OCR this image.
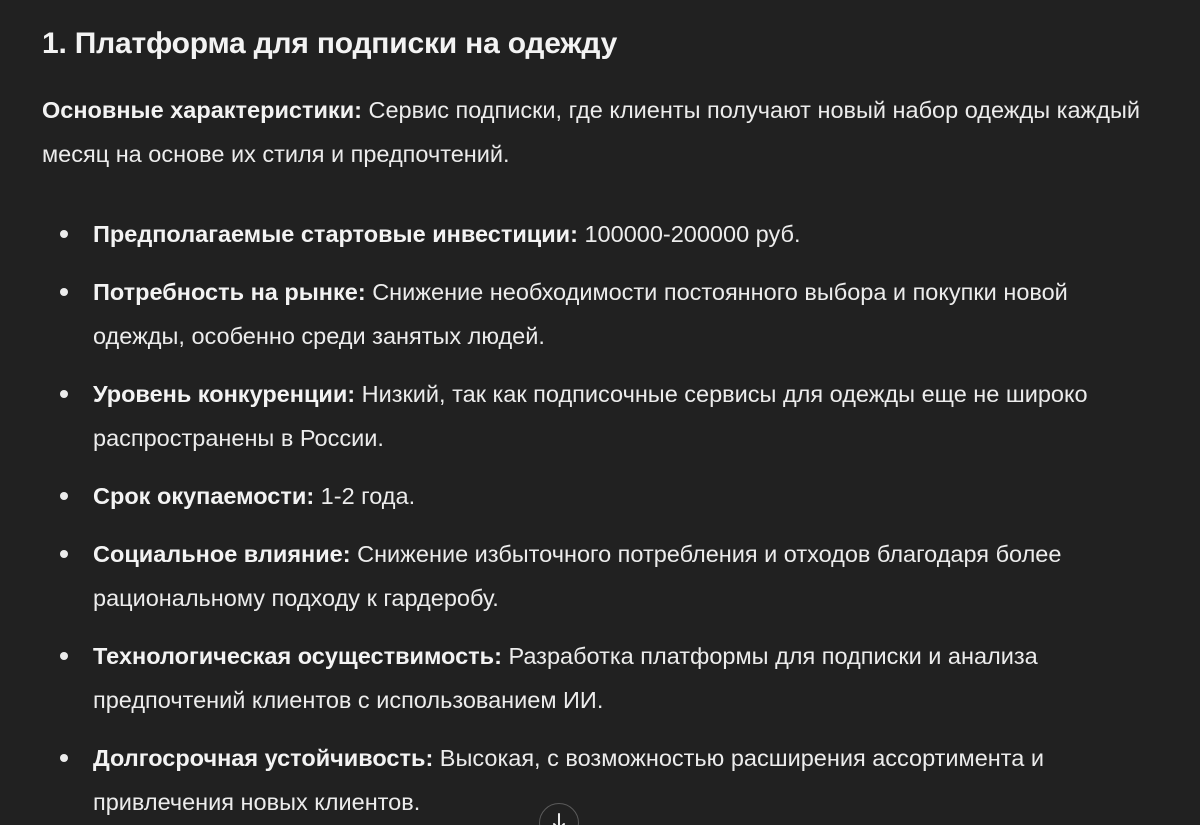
1. Платформа для подписки на одежду

Основные характеристики: Сервис подписки, где клиенты получают новый набор одежды каждый месяц на основе их стиля и предпочтений.

Предполагаемые стартовые инвестиции: 100000-200000 руб.
Потребность на рынке: Снижение необходимости постоянного выбора и покупки новой одежды, особенно среди занятых людей.
Уровень конкуренции: Низкий, так как подписочные сервисы для одежды еще не широко распространены в России.
Срок окупаемости: 1-2 года.
Социальное влияние: Снижение избыточного потребления и отходов благодаря более рациональному подходу к гардеробу.
Технологическая осуществимость: Разработка платформы для подписки и анализа предпочтений клиентов с использованием ИИ.
Долгосрочная устойчивость: Высокая, с возможностью расширения ассортимента и привлечения новых клиентов.
